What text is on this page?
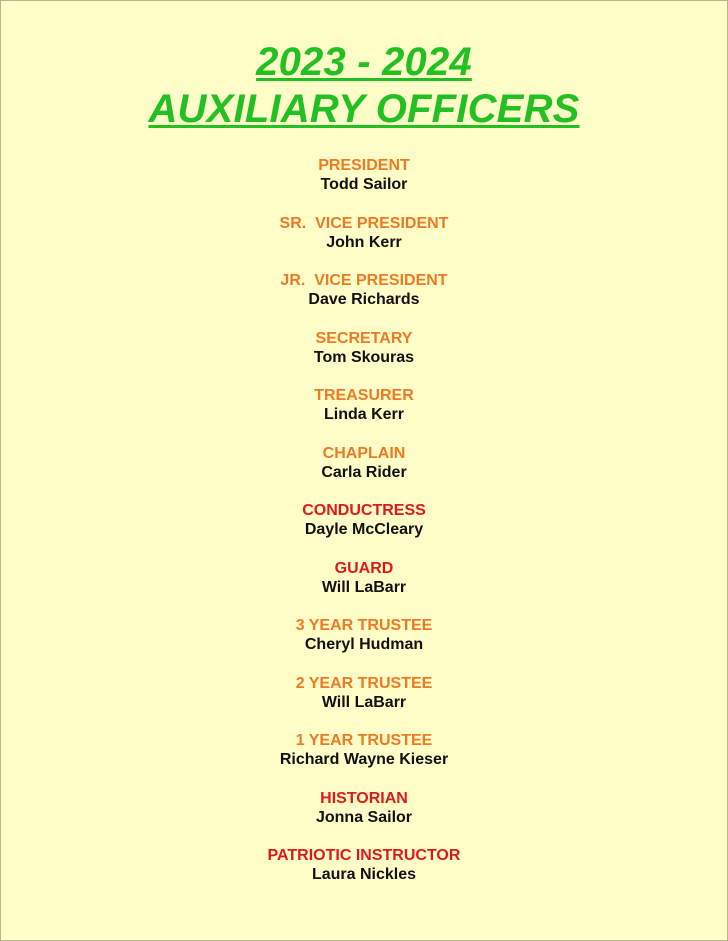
2023 - 2024
AUXILIARY OFFICERS
PRESIDENT
Todd Sailor
SR.  VICE PRESIDENT
John Kerr
JR.  VICE PRESIDENT
Dave Richards
SECRETARY
Tom Skouras
TREASURER
Linda Kerr
CHAPLAIN
Carla Rider
CONDUCTRESS
Dayle McCleary
GUARD
Will LaBarr
3 YEAR TRUSTEE
Cheryl Hudman
2 YEAR TRUSTEE
Will LaBarr
1 YEAR TRUSTEE
Richard Wayne Kieser
HISTORIAN
Jonna Sailor
PATRIOTIC INSTRUCTOR
Laura Nickles
